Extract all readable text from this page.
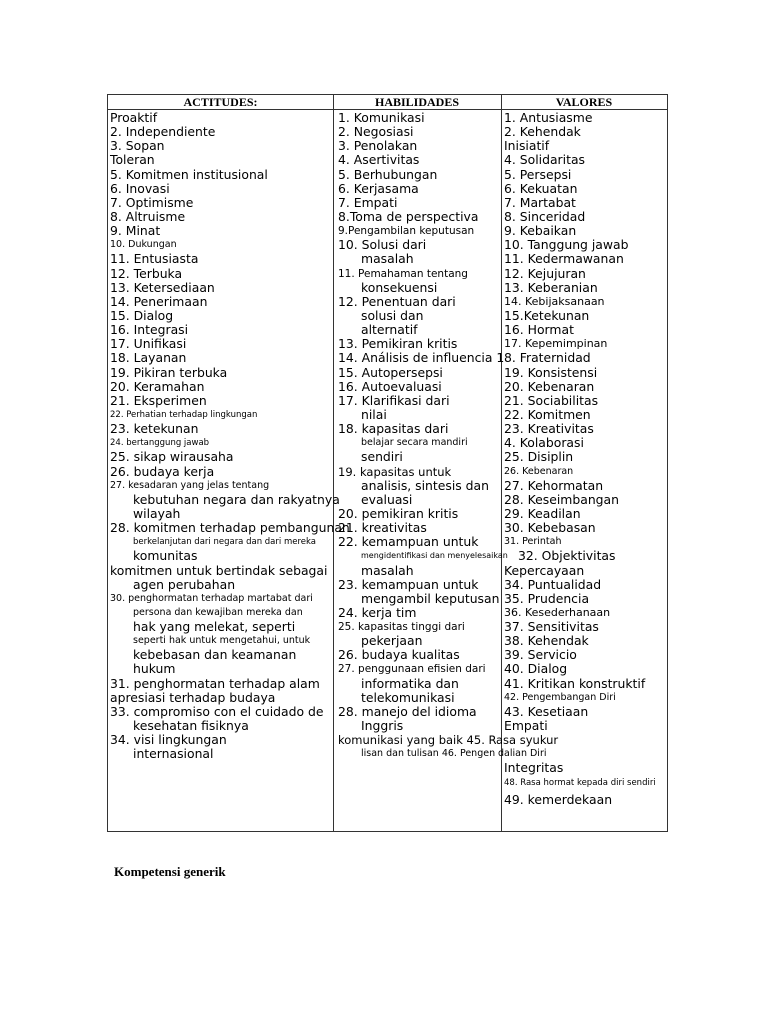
ACTITUDES:	HABILIDADES	VALORES
Proaktif
2. Independiente
3. Sopan
Toleran
5. Komitmen institusional
6. Inovasi
7. Optimisme
8. Altruisme
9. Minat
10. Dukungan
11. Entusiasta
12. Terbuka
13. Ketersediaan
14. Penerimaan
15. Dialog
16. Integrasi
17. Unifikasi
18. Layanan
19. Pikiran terbuka
20. Keramahan
21. Eksperimen
22. Perhatian terhadap lingkungan
23. ketekunan
24. bertanggung jawab
25. sikap wirausaha
26. budaya kerja
27. kesadaran yang jelas tentang
kebutuhan negara dan rakyatnya
wilayah
28. komitmen terhadap pembangunan
berkelanjutan dari negara dan dari mereka
komunitas
komitmen untuk bertindak sebagai
agen perubahan
30. penghormatan terhadap martabat dari
persona dan kewajiban mereka dan
hak yang melekat, seperti
seperti hak untuk mengetahui, untuk
kebebasan dan keamanan
hukum
31. penghormatan terhadap alam
apresiasi terhadap budaya
33. compromiso con el cuidado de
kesehatan fisiknya
34. visi lingkungan
internasional
1. Komunikasi
2. Negosiasi
3. Penolakan
4. Asertivitas
5. Berhubungan
6. Kerjasama
7. Empati
8.Toma de perspectiva
9.Pengambilan keputusan
10. Solusi dari
masalah
11. Pemahaman tentang
konsekuensi
12. Penentuan dari
solusi dan
alternatif
13. Pemikiran kritis
14. Análisis de influencia 1
15. Autopersepsi
16. Autoevaluasi
17. Klarifikasi dari
nilai
18. kapasitas dari
belajar secara mandiri
sendiri
19. kapasitas untuk
analisis, sintesis dan
evaluasi
20. pemikiran kritis
21. kreativitas
22. kemampuan untuk
mengidentifikasi dan menyelesaikan
masalah
23. kemampuan untuk
mengambil keputusan
24. kerja tim
25. kapasitas tinggi dari
pekerjaan
26. budaya kualitas
27. penggunaan efisien dari
informatika dan
telekomunikasi
28. manejo del idioma
Inggris
komunikasi yang baik 45. R
lisan dan tulisan 46. Pengen
1. Antusiasme
2. Kehendak
Inisiatif
4. Solidaritas
5. Persepsi
6. Kekuatan
7. Martabat
8. Sinceridad
9. Kebaikan
10. Tanggung jawab
11. Kedermawanan
12. Kejujuran
13. Keberanian
14. Kebijaksanaan
15.Ketekunan
16. Hormat
17. Kepemimpinan
8. Fraternidad
19. Konsistensi
20. Kebenaran
21. Sociabilitas
22. Komitmen
23. Kreativitas
4. Kolaborasi
25. Disiplin
26. Kebenaran
27. Kehormatan
28. Keseimbangan
29. Keadilan
30. Kebebasan
31. Perintah
32. Objektivitas
Kepercayaan
34. Puntualidad
35. Prudencia
36. Kesederhanaan
37. Sensitivitas
38. Kehendak
39. Servicio
40. Dialog
41. Kritikan konstruktif
42. Pengembangan Diri
43. Kesetiaan
Empati
asa syukur
dalian Diri
Integritas
48. Rasa hormat kepada diri sendiri
49. kemerdekaan
Kompetensi generik
